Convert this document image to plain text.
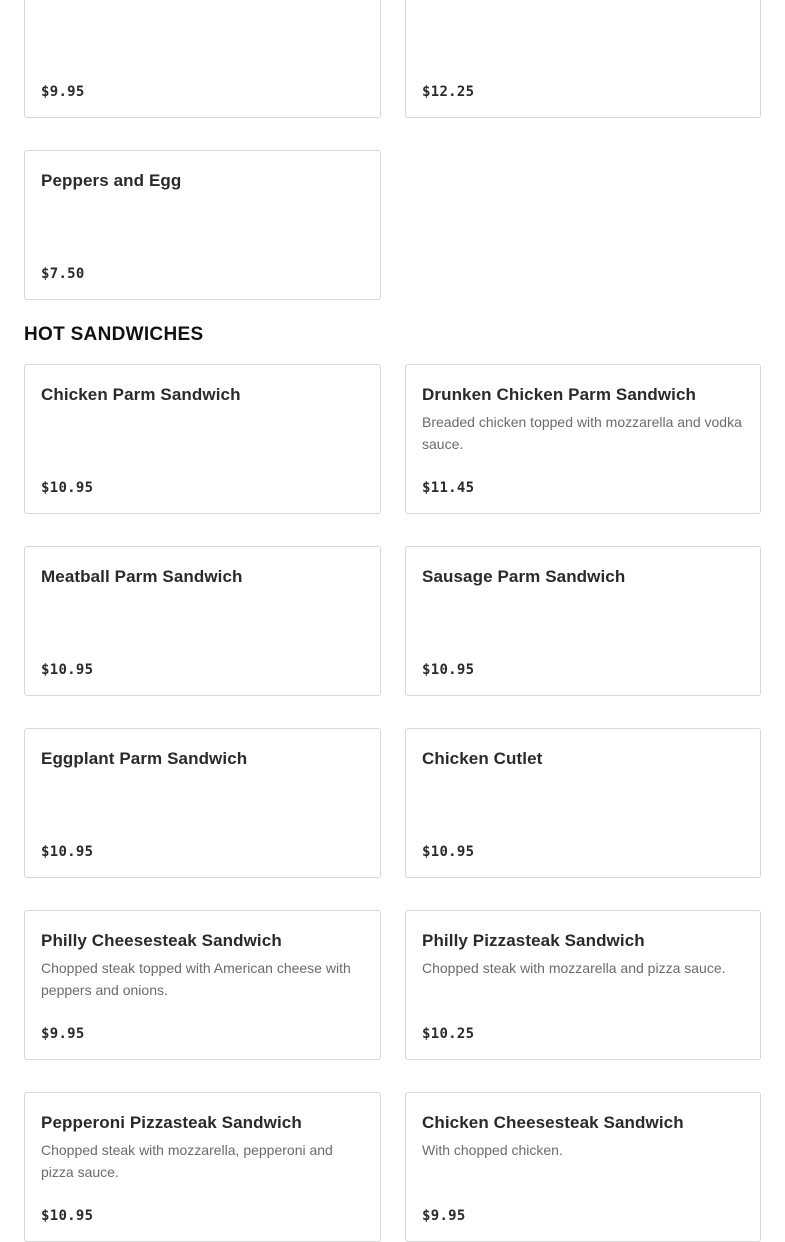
$9.95	$12.25
Peppers and Egg
$7.50
HOT SANDWICHES
Chicken Parm Sandwich
$10.95
Drunken Chicken Parm Sandwich
Breaded chicken topped with mozzarella and vodka sauce.
$11.45
Meatball Parm Sandwich
$10.95
Sausage Parm Sandwich
$10.95
Eggplant Parm Sandwich
$10.95
Chicken Cutlet
$10.95
Philly Cheesesteak Sandwich
Chopped steak topped with American cheese with peppers and onions.
$9.95
Philly Pizzasteak Sandwich
Chopped steak with mozzarella and pizza sauce.
$10.25
Pepperoni Pizzasteak Sandwich
Chopped steak with mozzarella, pepperoni and pizza sauce.
$10.95
Chicken Cheesesteak Sandwich
With chopped chicken.
$9.95
